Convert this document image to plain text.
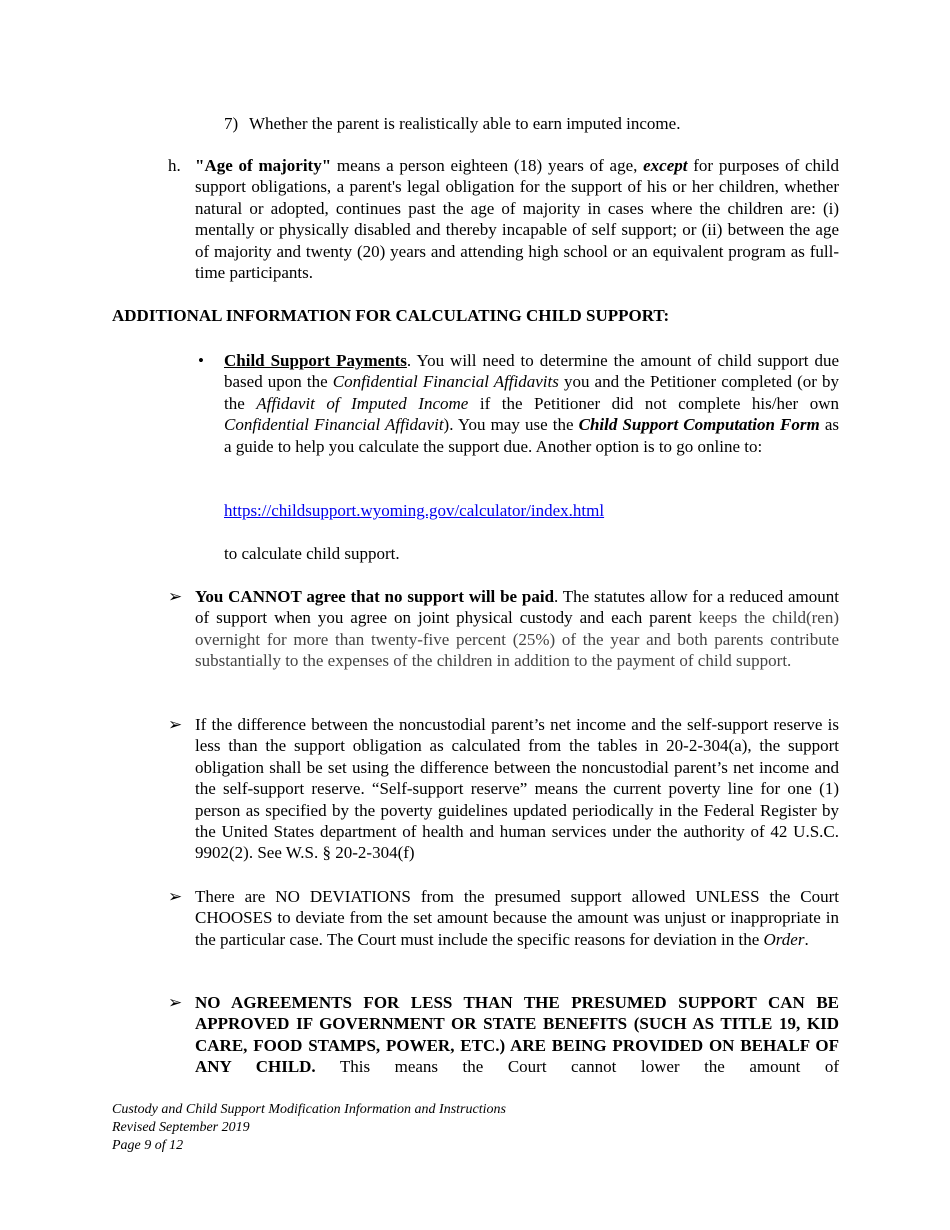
7) Whether the parent is realistically able to earn imputed income.

h. "Age of majority" means a person eighteen (18) years of age, except for purposes of child support obligations, a parent's legal obligation for the support of his or her children, whether natural or adopted, continues past the age of majority in cases where the children are: (i) mentally or physically disabled and thereby incapable of self support; or (ii) between the age of majority and twenty (20) years and attending high school or an equivalent program as full-time participants.

ADDITIONAL INFORMATION FOR CALCULATING CHILD SUPPORT:
• Child Support Payments. You will need to determine the amount of child support due based upon the Confidential Financial Affidavits you and the Petitioner completed (or by the Affidavit of Imputed Income if the Petitioner did not complete his/her own Confidential Financial Affidavit). You may use the Child Support Computation Form as a guide to help you calculate the support due. Another option is to go online to:

https://childsupport.wyoming.gov/calculator/index.html

to calculate child support.

➢ You CANNOT agree that no support will be paid. The statutes allow for a reduced amount of support when you agree on joint physical custody and each parent keeps the child(ren) overnight for more than twenty-five percent (25%) of the year and both parents contribute substantially to the expenses of the children in addition to the payment of child support.

➢ If the difference between the noncustodial parent’s net income and the self-support reserve is less than the support obligation as calculated from the tables in 20-2-304(a), the support obligation shall be set using the difference between the noncustodial parent’s net income and the self-support reserve. “Self-support reserve” means the current poverty line for one (1) person as specified by the poverty guidelines updated periodically in the Federal Register by the United States department of health and human services under the authority of 42 U.S.C. 9902(2). See W.S. § 20-2-304(f)

➢ There are NO DEVIATIONS from the presumed support allowed UNLESS the Court CHOOSES to deviate from the set amount because the amount was unjust or inappropriate in the particular case. The Court must include the specific reasons for deviation in the Order.

➢ NO AGREEMENTS FOR LESS THAN THE PRESUMED SUPPORT CAN BE APPROVED IF GOVERNMENT OR STATE BENEFITS (SUCH AS TITLE 19, KID CARE, FOOD STAMPS, POWER, ETC.) ARE BEING PROVIDED ON BEHALF OF ANY CHILD. This means the Court cannot lower the amount of

Custody and Child Support Modification Information and Instructions
Revised September 2019
Page 9 of 12
